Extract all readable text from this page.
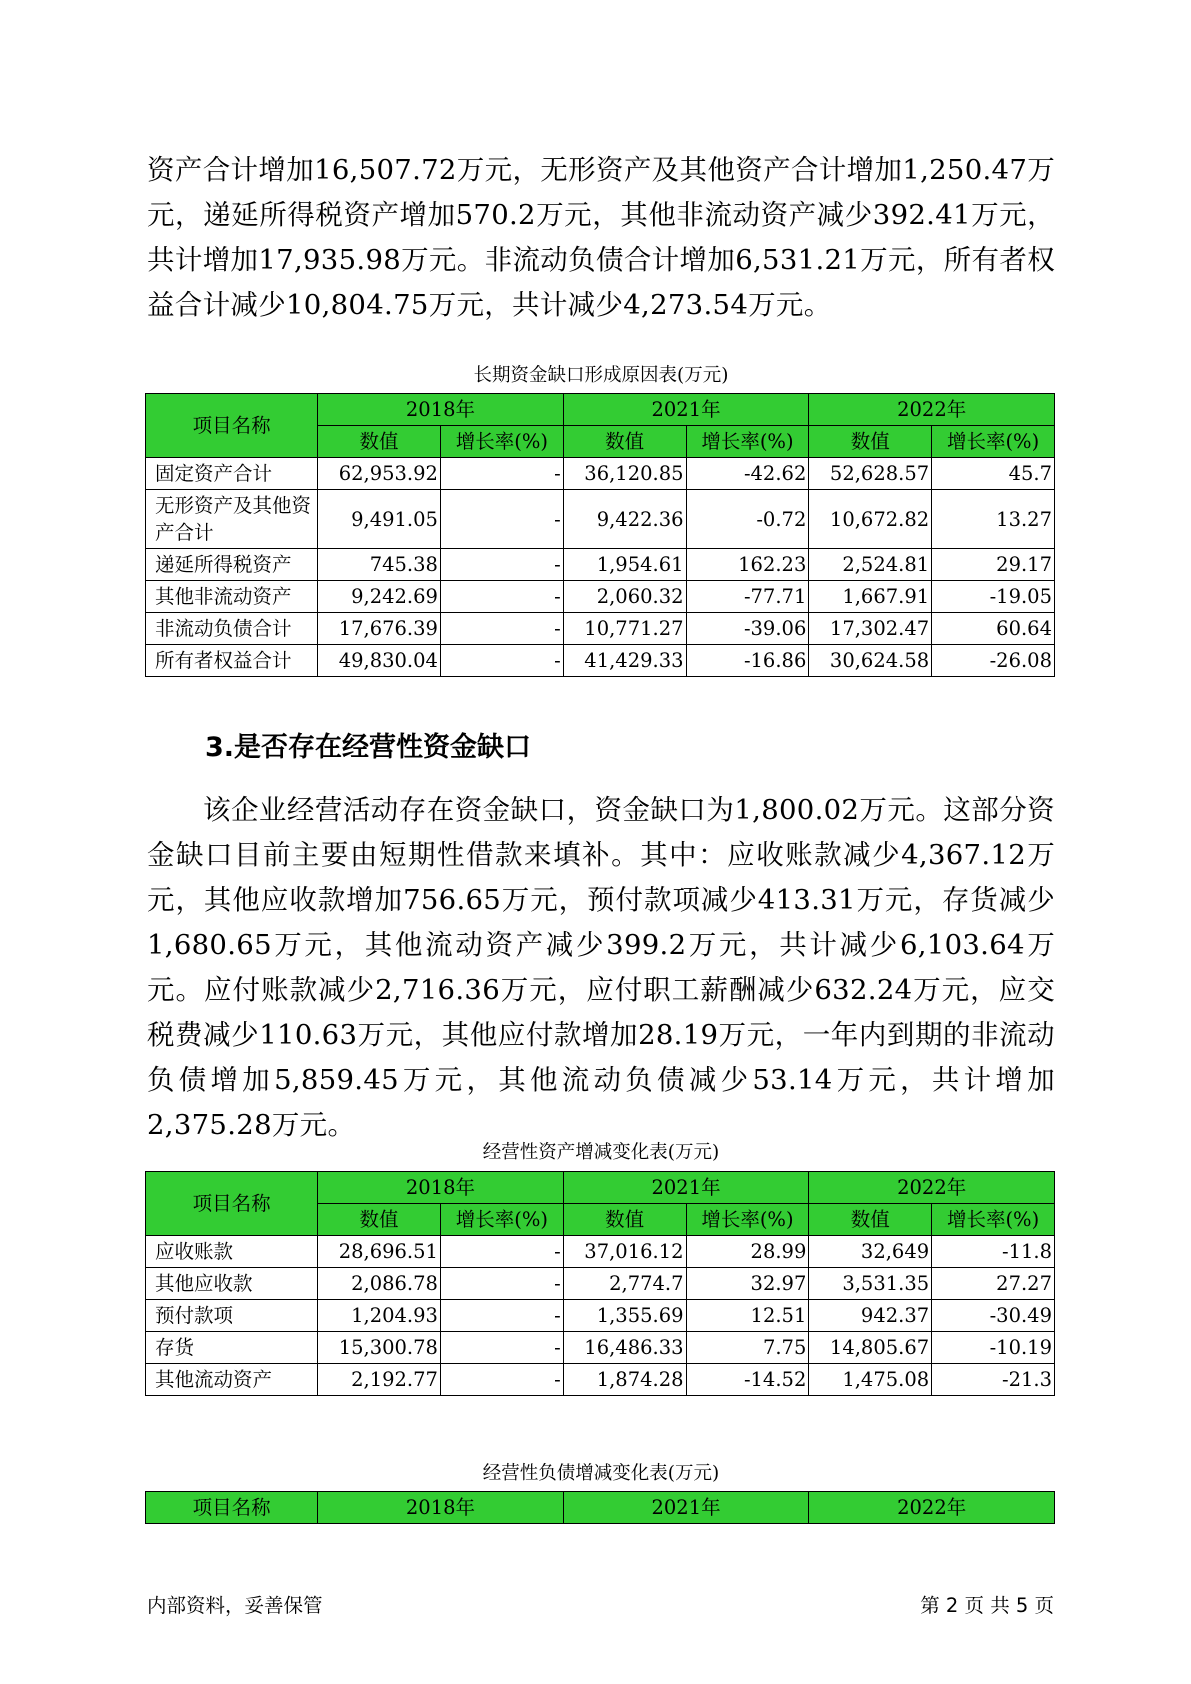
资产合计增加16,507.72万元，无形资产及其他资产合计增加1,250.47万元，递延所得税资产增加570.2万元，其他非流动资产减少392.41万元，共计增加17,935.98万元。非流动负债合计增加6,531.21万元，所有者权益合计减少10,804.75万元，共计减少4,273.54万元。

长期资金缺口形成原因表(万元)
项目名称	2018年		2021年		2022年	
	数值	增长率(%)	数值	增长率(%)	数值	增长率(%)
固定资产合计	62,953.92	-	36,120.85	-42.62	52,628.57	45.7
无形资产及其他资产合计	9,491.05	-	9,422.36	-0.72	10,672.82	13.27
递延所得税资产	745.38	-	1,954.61	162.23	2,524.81	29.17
其他非流动资产	9,242.69	-	2,060.32	-77.71	1,667.91	-19.05
非流动负债合计	17,676.39	-	10,771.27	-39.06	17,302.47	60.64
所有者权益合计	49,830.04	-	41,429.33	-16.86	30,624.58	-26.08
3.是否存在经营性资金缺口

该企业经营活动存在资金缺口，资金缺口为1,800.02万元。这部分资金缺口目前主要由短期性借款来填补。其中：应收账款减少4,367.12万元，其他应收款增加756.65万元，预付款项减少413.31万元，存货减少1,680.65万元，其他流动资产减少399.2万元，共计减少6,103.64万元。应付账款减少2,716.36万元，应付职工薪酬减少632.24万元，应交税费减少110.63万元，其他应付款增加28.19万元，一年内到期的非流动负债增加5,859.45万元，其他流动负债减少53.14万元，共计增加2,375.28万元。

经营性资产增减变化表(万元)
项目名称	2018年		2021年		2022年	
	数值	增长率(%)	数值	增长率(%)	数值	增长率(%)
应收账款	28,696.51	-	37,016.12	28.99	32,649	-11.8
其他应收款	2,086.78	-	2,774.7	32.97	3,531.35	27.27
预付款项	1,204.93	-	1,355.69	12.51	942.37	-30.49
存货	15,300.78	-	16,486.33	7.75	14,805.67	-10.19
其他流动资产	2,192.77	-	1,874.28	-14.52	1,475.08	-21.3
经营性负债增减变化表(万元)
项目名称	2018年	2021年	2022年
内部资料，妥善保管	第 2 页 共 5 页
